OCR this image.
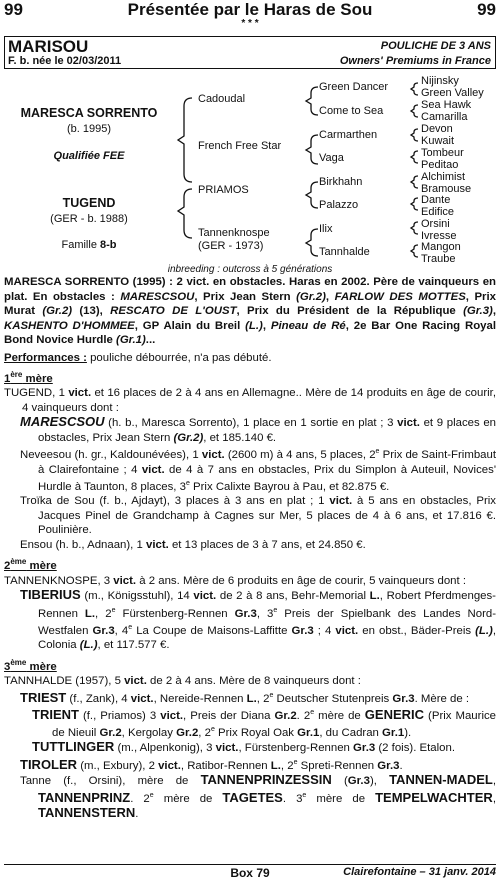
99	Présentée par le Haras de Sou	99
* * *
MARISOU	POULICHE DE 3 ANS
F. b. née le 02/03/2011	Owners' Premiums in France
MARESCA SORRENTO
(b. 1995)
Qualifiée FEE
TUGEND
(GER - b. 1988)
Famille 8-b
Cadoudal
French Free Star
PRIAMOS
Tannenknospe
(GER - 1973)
Green Dancer
Come to Sea
Carmarthen
Vaga
Birkhahn
Palazzo
Ilix
Tannhalde
Nijinsky
Green Valley
Sea Hawk
Camarilla
Devon
Kuwait
Tombeur
Peditao
Alchimist
Bramouse
Dante
Edifice
Orsini
Ivresse
Mangon
Traube
inbreeding : outcross à 5 générations

MARESCA SORRENTO (1995) : 2 vict. en obstacles. Haras en 2002. Père de vainqueurs en plat. En obstacles : MARESCSOU, Prix Jean Stern (Gr.2), FARLOW DES MOTTES, Prix Murat (Gr.2) (13), RESCATO DE L'OUST, Prix du Président de la République (Gr.3), KASHENTO D'HOMMEE, GP Alain du Breil (L.), Pineau de Ré, 2e Bar One Racing Royal Bond Novice Hurdle (Gr.1)...

Performances : pouliche débourrée, n'a pas débuté.

1ère mère

TUGEND, 1 vict. et 16 places de 2 à 4 ans en Allemagne.. Mère de 14 produits en âge de courir, 4 vainqueurs dont :

MARESCSOU (h. b., Maresca Sorrento), 1 place en 1 sortie en plat ; 3 vict. et 9 places en obstacles, Prix Jean Stern (Gr.2), et 185.140 €.

Neveesou (h. gr., Kaldounévées), 1 vict. (2600 m) à 4 ans, 5 places, 2e Prix de Saint-Frimbaut à Clairefontaine ; 4 vict. de 4 à 7 ans en obstacles, Prix du Simplon à Auteuil, Novices' Hurdle à Taunton, 8 places, 3e Prix Calixte Bayrou à Pau, et 82.875 €.

Troïka de Sou (f. b., Ajdayt), 3 places à 3 ans en plat ; 1 vict. à 5 ans en obstacles, Prix Jacques Pinel de Grandchamp à Cagnes sur Mer, 5 places de 4 à 6 ans, et 17.816 €. Poulinière.

Ensou (h. b., Adnaan), 1 vict. et 13 places de 3 à 7 ans, et 24.850 €.

2ème mère

TANNENKNOSPE, 3 vict. à 2 ans. Mère de 6 produits en âge de courir, 5 vainqueurs dont :

TIBERIUS (m., Königsstuhl), 14 vict. de 2 à 8 ans, Behr-Memorial L., Robert Pferdmenges-Rennen L., 2e Fürstenberg-Rennen Gr.3, 3e Preis der Spielbank des Landes Nord-Westfalen Gr.3, 4e La Coupe de Maisons-Laffitte Gr.3 ; 4 vict. en obst., Bäder-Preis (L.), Colonia (L.), et 117.577 €.

3ème mère

TANNHALDE (1957), 5 vict. de 2 à 4 ans. Mère de 8 vainqueurs dont :

TRIEST (f., Zank), 4 vict., Nereide-Rennen L., 2e Deutscher Stutenpreis Gr.3. Mère de :

TRIENT (f., Priamos) 3 vict., Preis der Diana Gr.2. 2e mère de GENERIC (Prix Maurice de Nieuil Gr.2, Kergolay Gr.2, 2e Prix Royal Oak Gr.1, du Cadran Gr.1).

TUTTLINGER (m., Alpenkonig), 3 vict., Fürstenberg-Rennen Gr.3 (2 fois). Etalon.

TIROLER (m., Exbury), 2 vict., Ratibor-Rennen L., 2e Spreti-Rennen Gr.3.

Tanne (f., Orsini), mère de TANNENPRINZESSIN (Gr.3), TANNEN-MADEL, TANNENPRINZ. 2e mère de TAGETES. 3e mère de TEMPELWACHTER, TANNENSTERN.

Box 79	Clairefontaine – 31 janv. 2014
